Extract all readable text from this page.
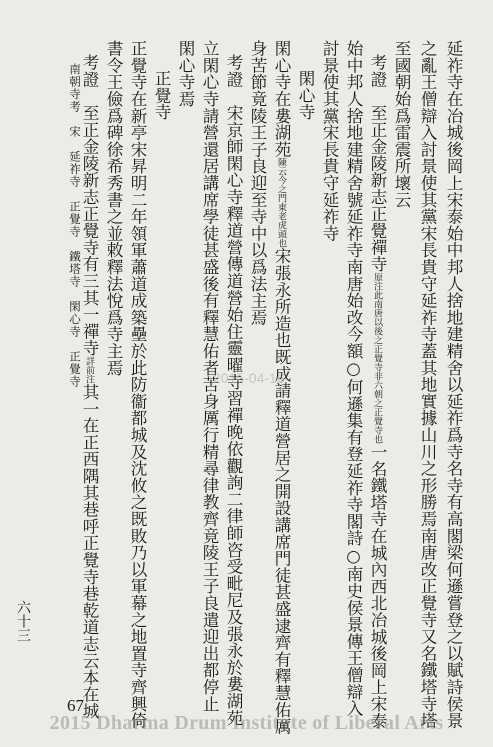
延祚寺在冶城後岡上宋泰始中邦人捨地建精舍以延祚爲寺名寺有高閣梁何遜嘗登之以賦詩侯景
之亂王僧辯入討景使其黨宋長貴守延祚寺蓋其地實據山川之形勝焉南唐改正覺寺又名鐵塔寺塔
至國朝始爲雷震所壞云
考證　至正金陵新志正覺禪寺原注此南唐以後之正覺寺非六朝之正覺寺也一名鐵塔寺在城內西北冶城後岡上宋泰
始中邦人捨地建精舍號延祚寺南唐始改今額○何遜集有登延祚寺閣詩○南史侯景傳王僧辯入
討景使其黨宋長貴守延祚寺
閑心寺
閑心寺在婁湖苑陳云今之門東老虎頭也宋張永所造也既成請釋道營居之開設講席門徒甚盛逮齊有釋慧佑厲
身苦節竟陵王子良迎至寺中以爲法主焉
考證　宋京師閑心寺釋道營傳道營始住靈曜寺習禪晚依觀詢二律師咨受毗尼及張永於婁湖苑
立閑心寺請營還居講席學徒甚盛後有釋慧佑者苦身厲行精尋律教齊竟陵王子良遣迎出都停止
閑心寺焉
正覺寺
正覺寺在新亭宋昇明二年領軍蕭道成築壘於此防衞都城及沈攸之既敗乃以軍幕之地置寺齊興倚
書令王儉爲碑徐希秀書之並敕釋法悅爲寺主焉
考證　至正金陵新志正覺寺有三其一禪寺詳前注其一在正西隅其巷呼正覺寺巷乾道志云本在城
南朝寺考　宋　延祚寺　正覺寺　鐵塔寺　閑心寺　正覺寺
六十三
2015-04-16
67
2015 Dharma Drum Institute of Liberal Arts
